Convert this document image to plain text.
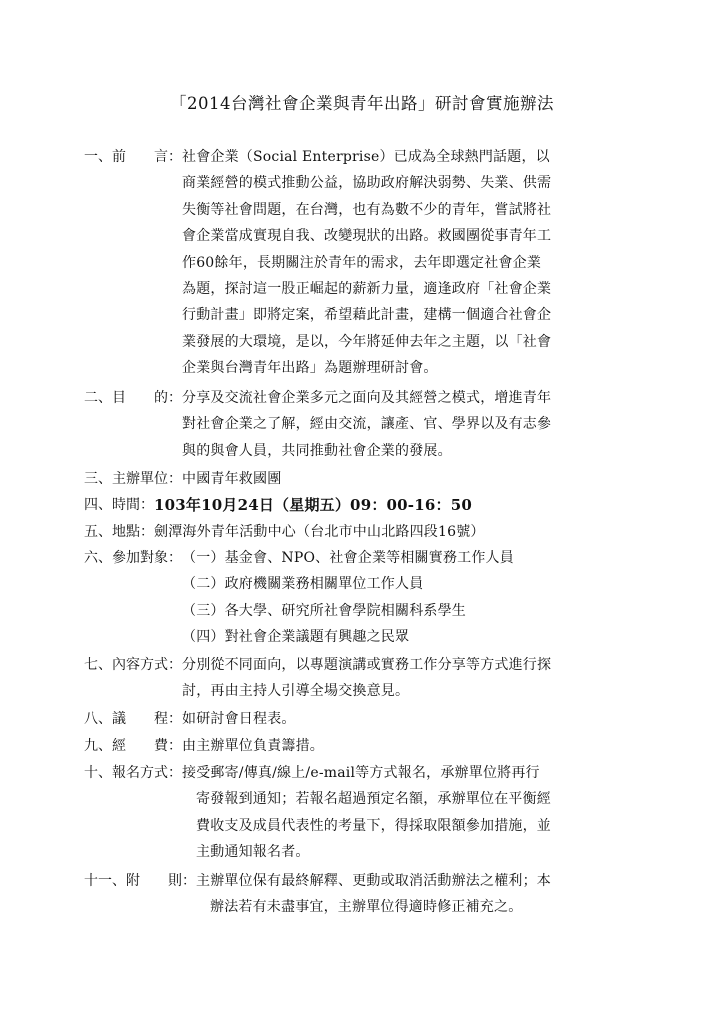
「2014台灣社會企業與青年出路」研討會實施辦法
一、前　　言： 社會企業（Social Enterprise）已成為全球熱門話題，以
商業經營的模式推動公益，協助政府解決弱勢、失業、供需
失衡等社會問題，在台灣，也有為數不少的青年，嘗試將社
會企業當成實現自我、改變現狀的出路。救國團從事青年工
作60餘年，長期關注於青年的需求，去年即選定社會企業
為題，探討這一股正崛起的薪新力量，適逢政府「社會企業
行動計畫」即將定案，希望藉此計畫，建構一個適合社會企
業發展的大環境，是以，今年將延伸去年之主題，以「社會
企業與台灣青年出路」為題辦理研討會。
二、目　　的： 分享及交流社會企業多元之面向及其經營之模式，增進青年
對社會企業之了解，經由交流，讓產、官、學界以及有志參
與的與會人員，共同推動社會企業的發展。
三、主辦單位： 中國青年救國團
四、時間： 103年10月24日（星期五）09：00-16：50
五、地點： 劍潭海外青年活動中心（台北市中山北路四段16號）
六、參加對象： （一）基金會、NPO、社會企業等相關實務工作人員
（二）政府機關業務相關單位工作人員
（三）各大學、研究所社會學院相關科系學生
（四）對社會企業議題有興趣之民眾
七、內容方式： 分別從不同面向，以專題演講或實務工作分享等方式進行探
討，再由主持人引導全場交換意見。
八、議　　程： 如研討會日程表。
九、經　　費： 由主辦單位負責籌措。
十、報名方式： 接受郵寄/傳真/線上/e-mail等方式報名，承辦單位將再行
寄發報到通知；若報名超過預定名額，承辦單位在平衡經
費收支及成員代表性的考量下，得採取限額參加措施，並
主動通知報名者。
十一、附　　則： 主辦單位保有最終解釋、更動或取消活動辦法之權利；本
辦法若有未盡事宜，主辦單位得適時修正補充之。
